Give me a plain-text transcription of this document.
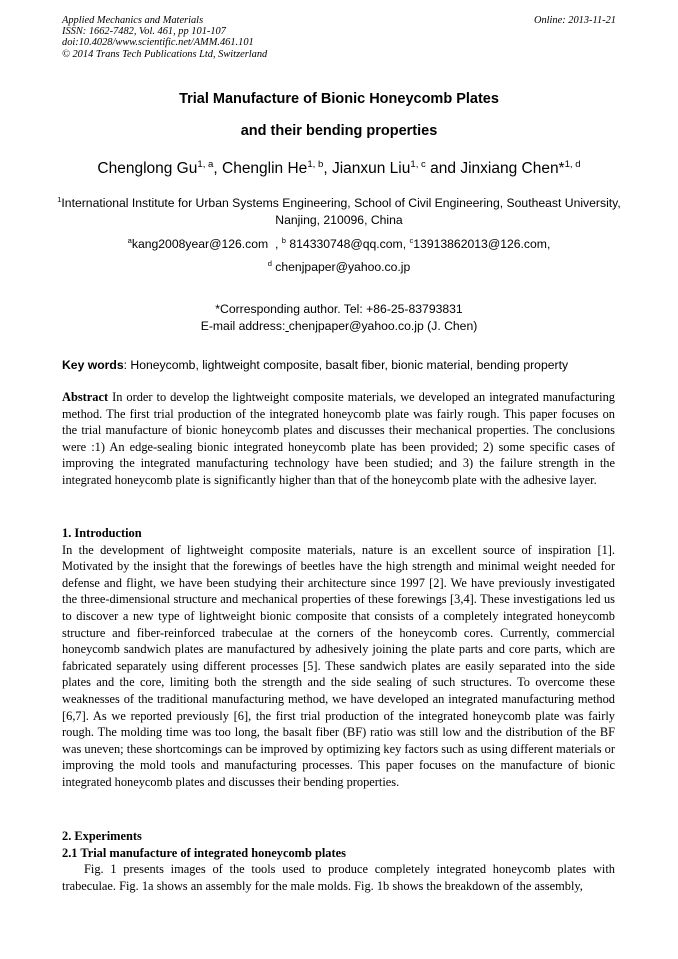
Applied Mechanics and Materials
ISSN: 1662-7482, Vol. 461, pp 101-107
doi:10.4028/www.scientific.net/AMM.461.101
© 2014 Trans Tech Publications Ltd, Switzerland
Online: 2013-11-21
Trial Manufacture of Bionic Honeycomb Plates
and their bending properties
Chenglong Gu$^{1, a}$, Chenglin He$^{1, b}$, Jianxun Liu$^{1, c}$ and Jinxiang Chen*$^{1, d}$
$^1$International Institute for Urban Systems Engineering, School of Civil Engineering, Southeast University,
Nanjing, 210096, China
$^a$kang2008year@126.com  , $^b$ 814330748@qq.com, $^c$13913862013@126.com,
$^d$ chenjpaper@yahoo.co.jp
*Corresponding author. Tel: +86-25-83793831
E-mail address: chenjpaper@yahoo.co.jp (J. Chen)
Key words: Honeycomb, lightweight composite, basalt fiber, bionic material, bending property
Abstract In order to develop the lightweight composite materials, we developed an integrated manufacturing method. The first trial production of the integrated honeycomb plate was fairly rough. This paper focuses on the trial manufacture of bionic honeycomb plates and discusses their mechanical properties. The conclusions were :1) An edge-sealing bionic integrated honeycomb plate has been provided; 2) some specific cases of improving the integrated manufacturing technology have been studied; and 3) the failure strength in the integrated honeycomb plate is significantly higher than that of the honeycomb plate with the adhesive layer.
1. Introduction
In the development of lightweight composite materials, nature is an excellent source of inspiration [1]. Motivated by the insight that the forewings of beetles have the high strength and minimal weight needed for defense and flight, we have been studying their architecture since 1997 [2]. We have previously investigated the three-dimensional structure and mechanical properties of these forewings [3,4]. These investigations led us to discover a new type of lightweight bionic composite that consists of a completely integrated honeycomb structure and fiber-reinforced trabeculae at the corners of the honeycomb cores. Currently, commercial honeycomb sandwich plates are manufactured by adhesively joining the plate parts and core parts, which are fabricated separately using different processes [5]. These sandwich plates are easily separated into the side plates and the core, limiting both the strength and the side sealing of such structures. To overcome these weaknesses of the traditional manufacturing method, we have developed an integrated manufacturing method [6,7]. As we reported previously [6], the first trial production of the integrated honeycomb plate was fairly rough. The molding time was too long, the basalt fiber (BF) ratio was still low and the distribution of the BF was uneven; these shortcomings can be improved by optimizing key factors such as using different materials or improving the mold tools and manufacturing processes. This paper focuses on the manufacture of bionic integrated honeycomb plates and discusses their bending properties.
2. Experiments
2.1 Trial manufacture of integrated honeycomb plates
Fig. 1 presents images of the tools used to produce completely integrated honeycomb plates with trabeculae. Fig. 1a shows an assembly for the male molds. Fig. 1b shows the breakdown of the assembly,
